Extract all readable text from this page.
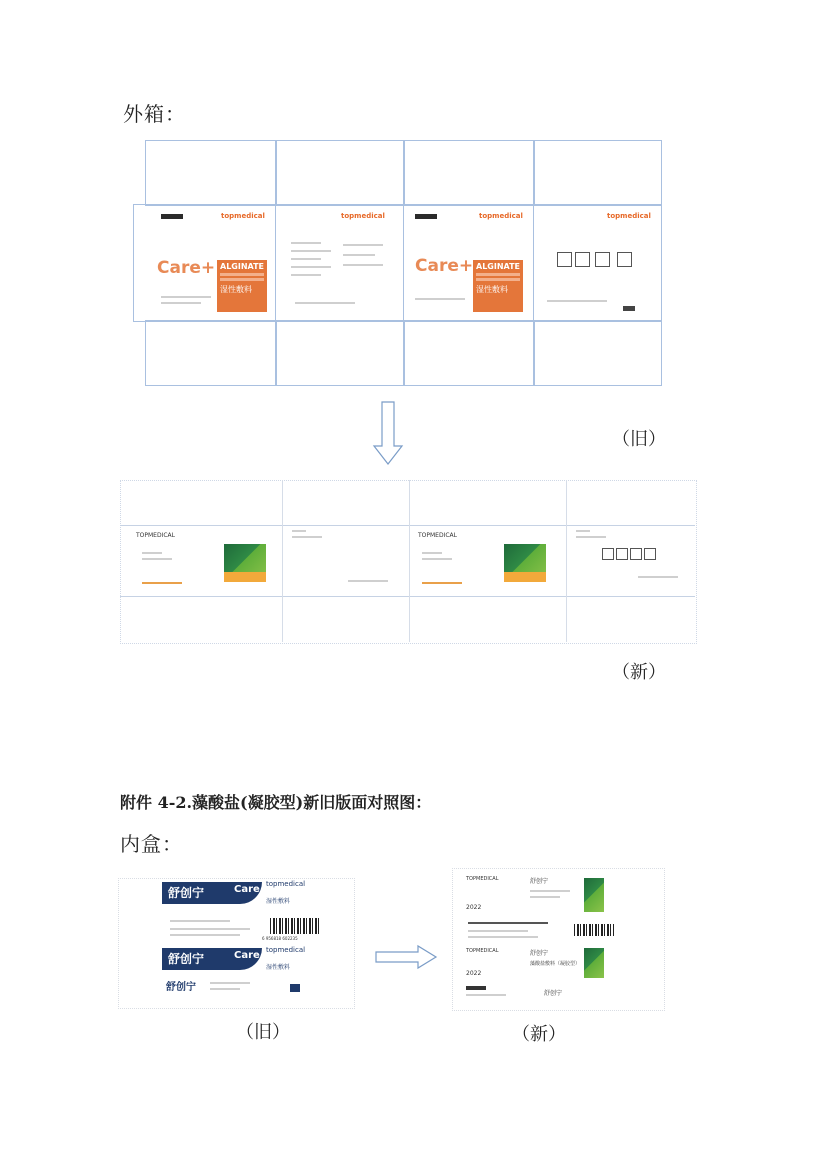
外箱：
topmedical
Care+ ALGINATE
湿性敷料
topmedical	topmedical
Care+ ALGINATE
湿性敷料
topmedical
（旧）
TOPMEDICAL	TOPMEDICAL
（新）
附件 4-2.藻酸盐(凝胶型)新旧版面对照图：
内盒：
舒创宁	Care topmedical
湿性敷料
6 956818 602235
舒创宁	Care topmedical
湿性敷料
舒创宁
TOPMEDICAL	舒创宁
2022
TOPMEDICAL	舒创宁
藻酸盐敷料（凝胶型）
2022
舒创宁
（旧）	（新）
